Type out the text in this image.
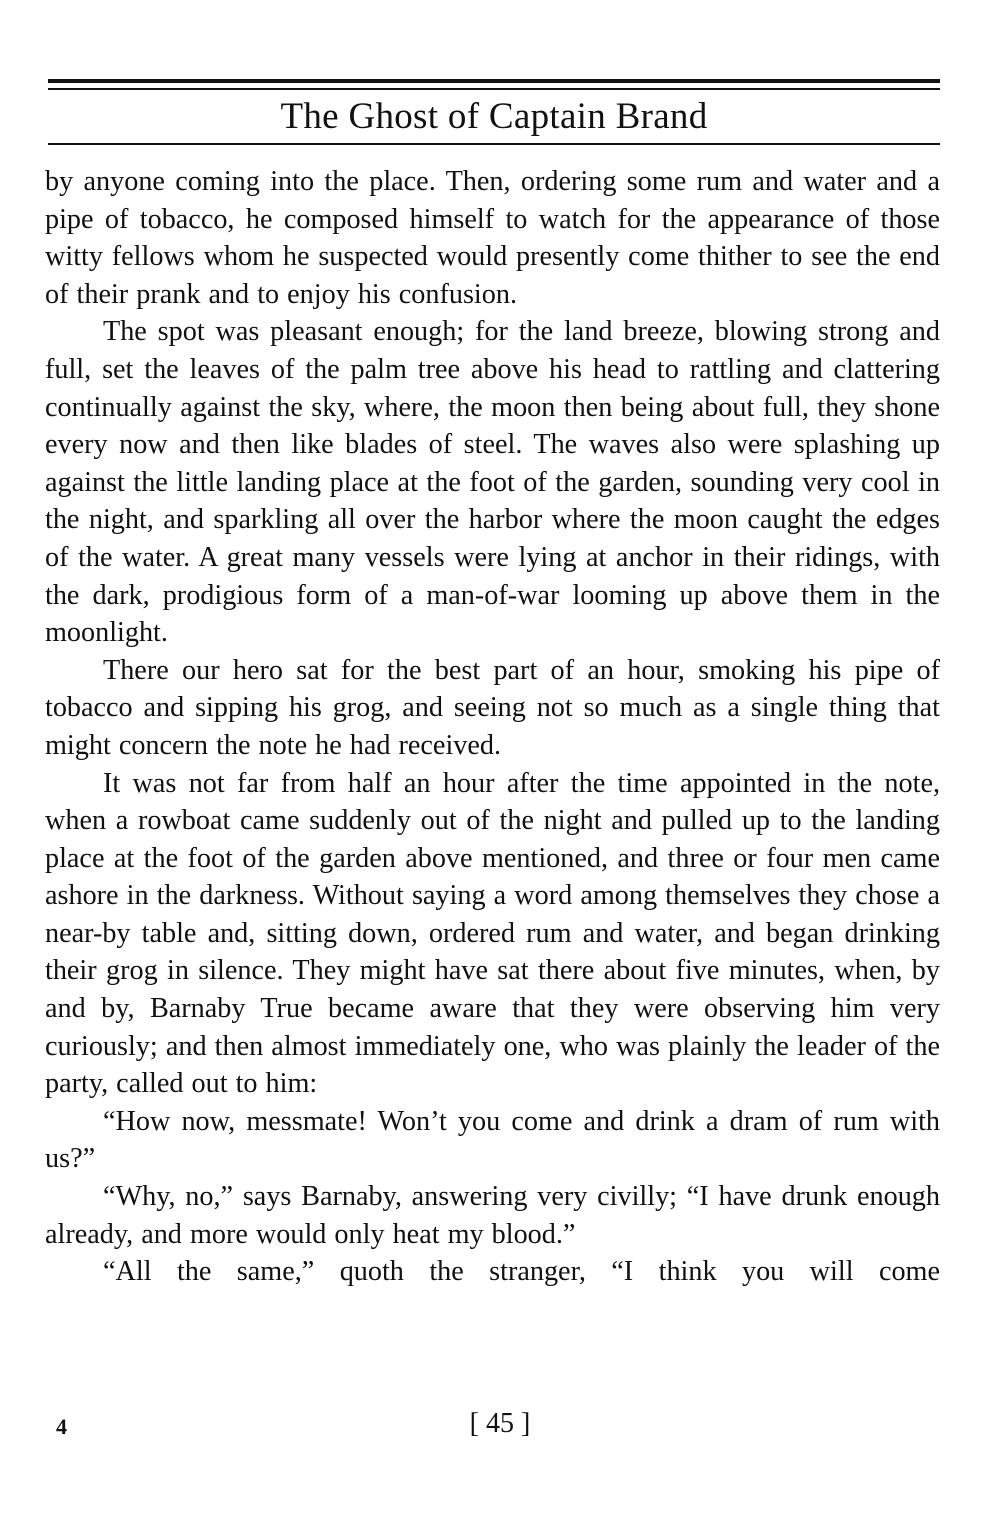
The Ghost of Captain Brand

by anyone coming into the place. Then, ordering some rum and water and a pipe of tobacco, he composed himself to watch for the appearance of those witty fellows whom he suspected would presently come thither to see the end of their prank and to enjoy his confusion.

The spot was pleasant enough; for the land breeze, blowing strong and full, set the leaves of the palm tree above his head to rattling and clattering continually against the sky, where, the moon then being about full, they shone every now and then like blades of steel. The waves also were splashing up against the little landing place at the foot of the garden, sounding very cool in the night, and sparkling all over the harbor where the moon caught the edges of the water. A great many vessels were lying at anchor in their ridings, with the dark, prodigious form of a man-of-war looming up above them in the moonlight.

There our hero sat for the best part of an hour, smoking his pipe of tobacco and sipping his grog, and seeing not so much as a single thing that might concern the note he had received.

It was not far from half an hour after the time appointed in the note, when a rowboat came suddenly out of the night and pulled up to the landing place at the foot of the garden above mentioned, and three or four men came ashore in the darkness. Without saying a word among themselves they chose a near-by table and, sitting down, ordered rum and water, and began drinking their grog in silence. They might have sat there about five minutes, when, by and by, Barnaby True became aware that they were observing him very curiously; and then almost immediately one, who was plainly the leader of the party, called out to him:

“How now, messmate! Won’t you come and drink a dram of rum with us?”

“Why, no,” says Barnaby, answering very civilly; “I have drunk enough already, and more would only heat my blood.”

“All the same,” quoth the stranger, “I think you will come

4	[ 45 ]
